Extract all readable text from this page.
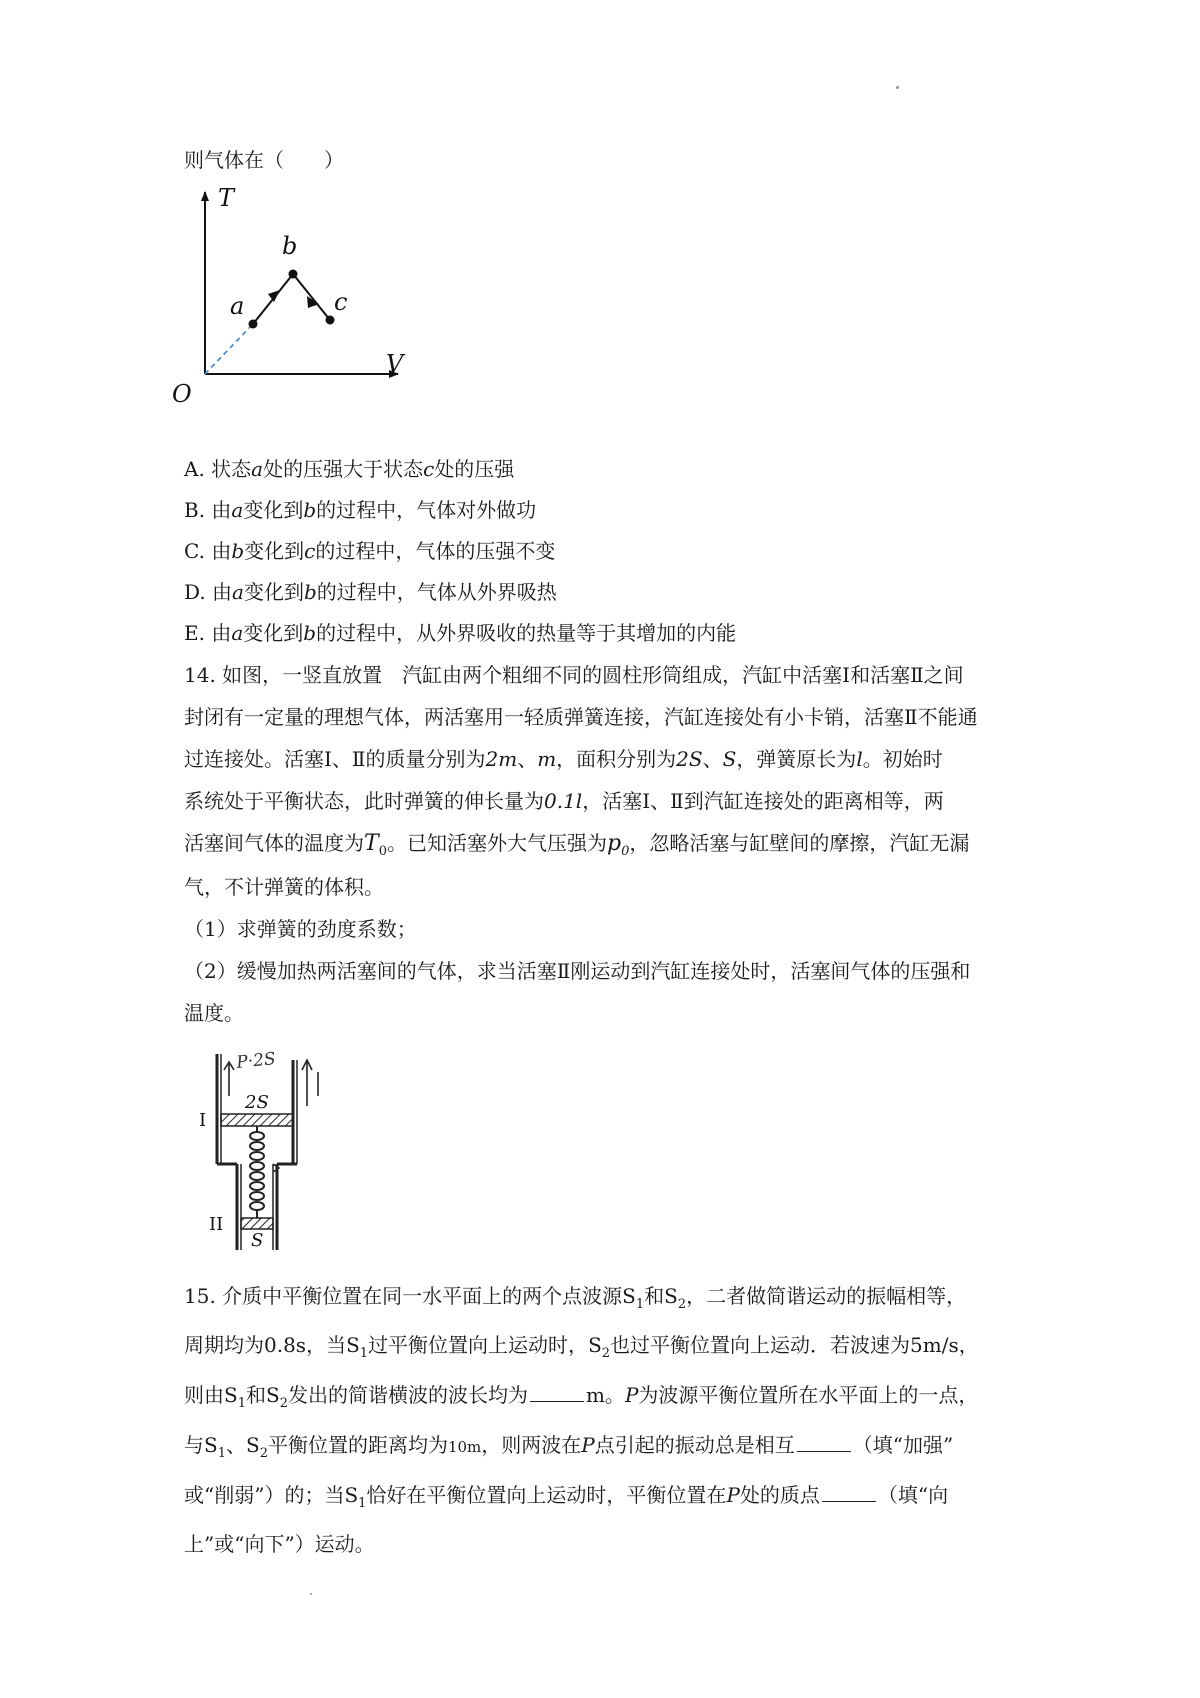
则气体在（　　）
T
V
O
a
b
c
A. 状态a处的压强大于状态c处的压强
B. 由a变化到b的过程中，气体对外做功
C. 由b变化到c的过程中，气体的压强不变
D. 由a变化到b的过程中，气体从外界吸热
E. 由a变化到b的过程中，从外界吸收的热量等于其增加的内能
14. 如图，一竖直放置　汽缸由两个粗细不同的圆柱形筒组成，汽缸中活塞Ⅰ和活塞Ⅱ之间
封闭有一定量的理想气体，两活塞用一轻质弹簧连接，汽缸连接处有小卡销，活塞Ⅱ不能通
过连接处。活塞Ⅰ、Ⅱ的质量分别为2m、m，面积分别为2S、S，弹簧原长为l。初始时
系统处于平衡状态，此时弹簧的伸长量为0.1l，活塞Ⅰ、Ⅱ到汽缸连接处的距离相等，两
活塞间气体的温度为$T_0$。已知活塞外大气压强为$p_0$，忽略活塞与缸壁间的摩擦，汽缸无漏
气，不计弹簧的体积。
（1）求弹簧的劲度系数；
（2）缓慢加热两活塞间的气体，求当活塞Ⅱ刚运动到汽缸连接处时，活塞间气体的压强和
温度。
P·2S
2S
S
I
II
15. 介质中平衡位置在同一水平面上的两个点波源$S_1$和$S_2$，二者做简谐运动的振幅相等，
周期均为0.8s，当$S_1$过平衡位置向上运动时，$S_2$也过平衡位置向上运动．若波速为5m/s，
则由$S_1$和$S_2$发出的简谐横波的波长均为	m。P为波源平衡位置所在水平面上的一点，
与$S_1$、$S_2$平衡位置的距离均为10m，则两波在P点引起的振动总是相互	（填“加强”
或“削弱”）的；当$S_1$恰好在平衡位置向上运动时，平衡位置在P处的质点	（填“向
上”或“向下”）运动。
